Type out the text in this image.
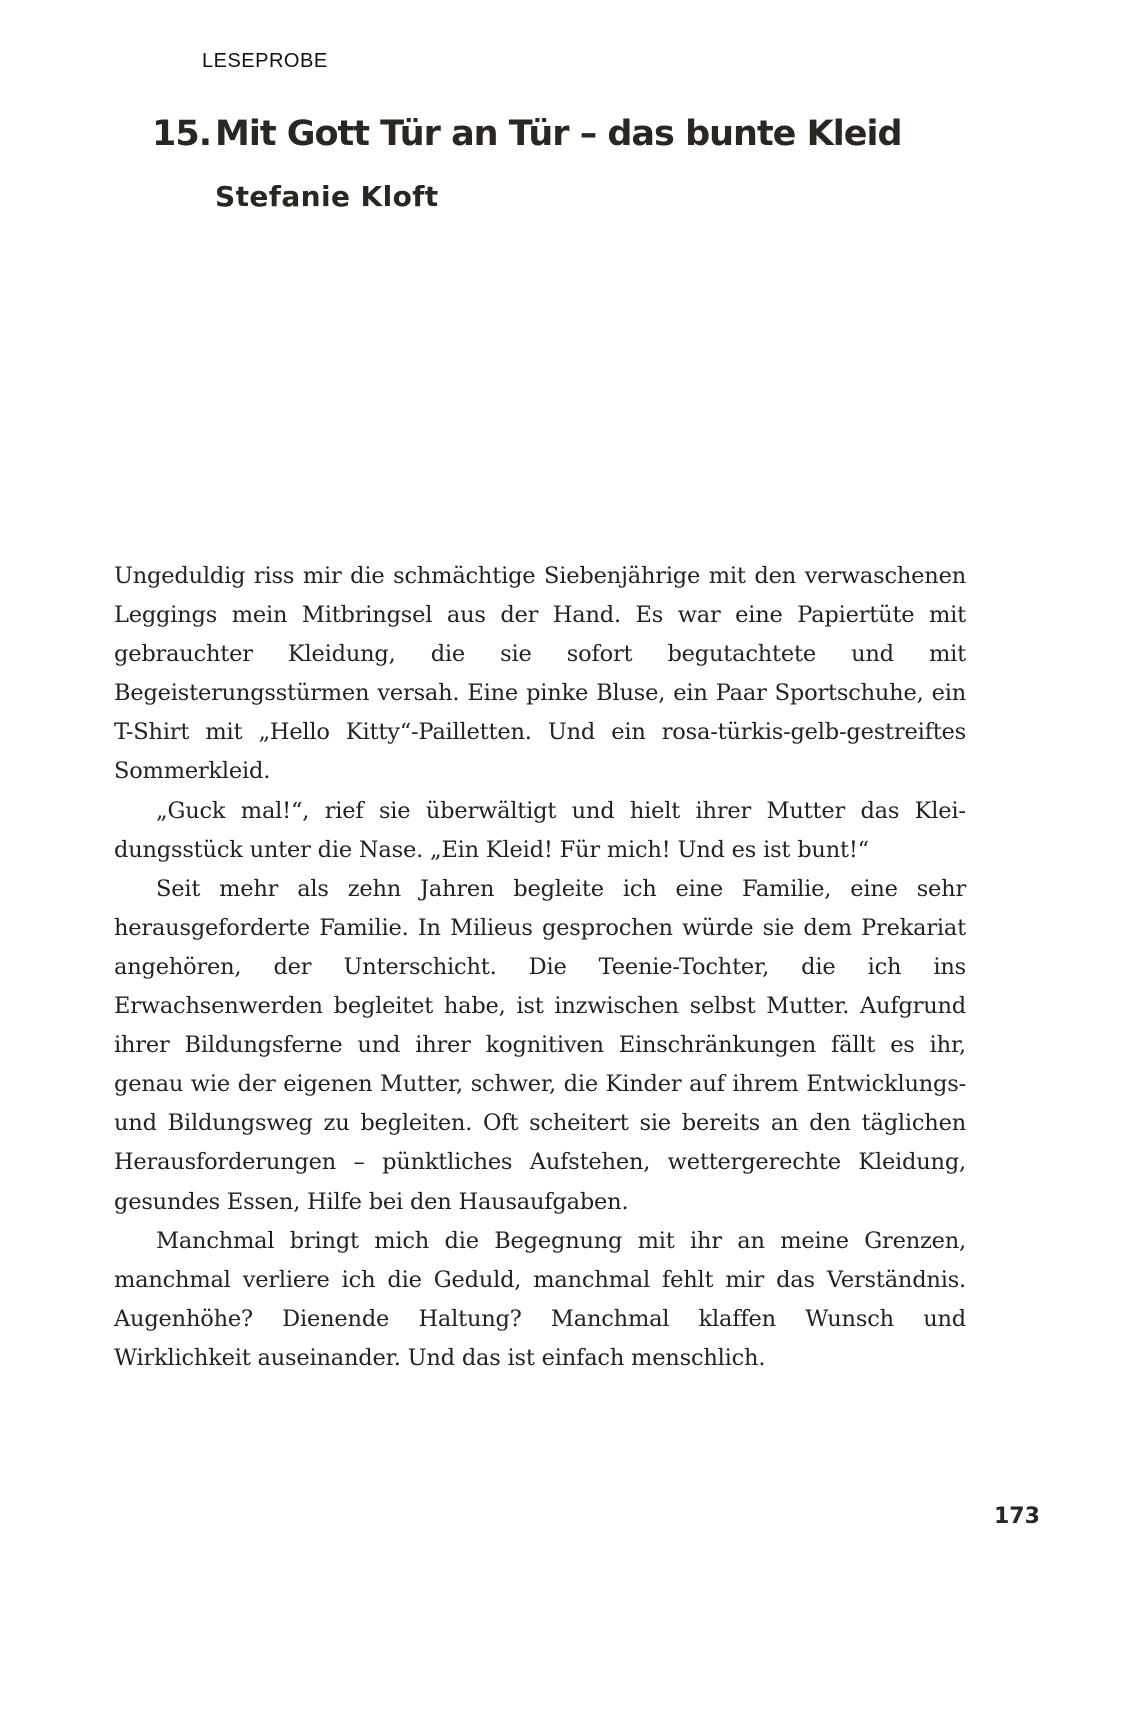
LESEPROBE
15. Mit Gott Tür an Tür – das bunte Kleid
Stefanie Kloft

Ungeduldig riss mir die schmächtige Siebenjährige mit den verwaschenen Leggings mein Mitbringsel aus der Hand. Es war eine Papiertüte mit gebrauchter Kleidung, die sie sofort begutachtete und mit Begeisterungsstürmen versah. Eine pinke Bluse, ein Paar Sportschuhe, ein T-Shirt mit „Hello Kitty“-Pailletten. Und ein rosa-türkis-gelb-gestreiftes Sommerkleid.

„Guck mal!“, rief sie überwältigt und hielt ihrer Mutter das Kleidungsstück unter die Nase. „Ein Kleid! Für mich! Und es ist bunt!“

Seit mehr als zehn Jahren begleite ich eine Familie, eine sehr herausgeforderte Familie. In Milieus gesprochen würde sie dem Prekariat angehören, der Unterschicht. Die Teenie-Tochter, die ich ins Erwachsenwerden begleitet habe, ist inzwischen selbst Mutter. Aufgrund ihrer Bildungsferne und ihrer kognitiven Einschränkungen fällt es ihr, genau wie der eigenen Mutter, schwer, die Kinder auf ihrem Entwicklungs- und Bildungsweg zu begleiten. Oft scheitert sie bereits an den täglichen Herausforderungen – pünktliches Aufstehen, wettergerechte Kleidung, gesundes Essen, Hilfe bei den Hausaufgaben.

Manchmal bringt mich die Begegnung mit ihr an meine Grenzen, manchmal verliere ich die Geduld, manchmal fehlt mir das Verständnis. Augenhöhe? Dienende Haltung? Manchmal klaffen Wunsch und Wirklichkeit auseinander. Und das ist einfach menschlich.

173
